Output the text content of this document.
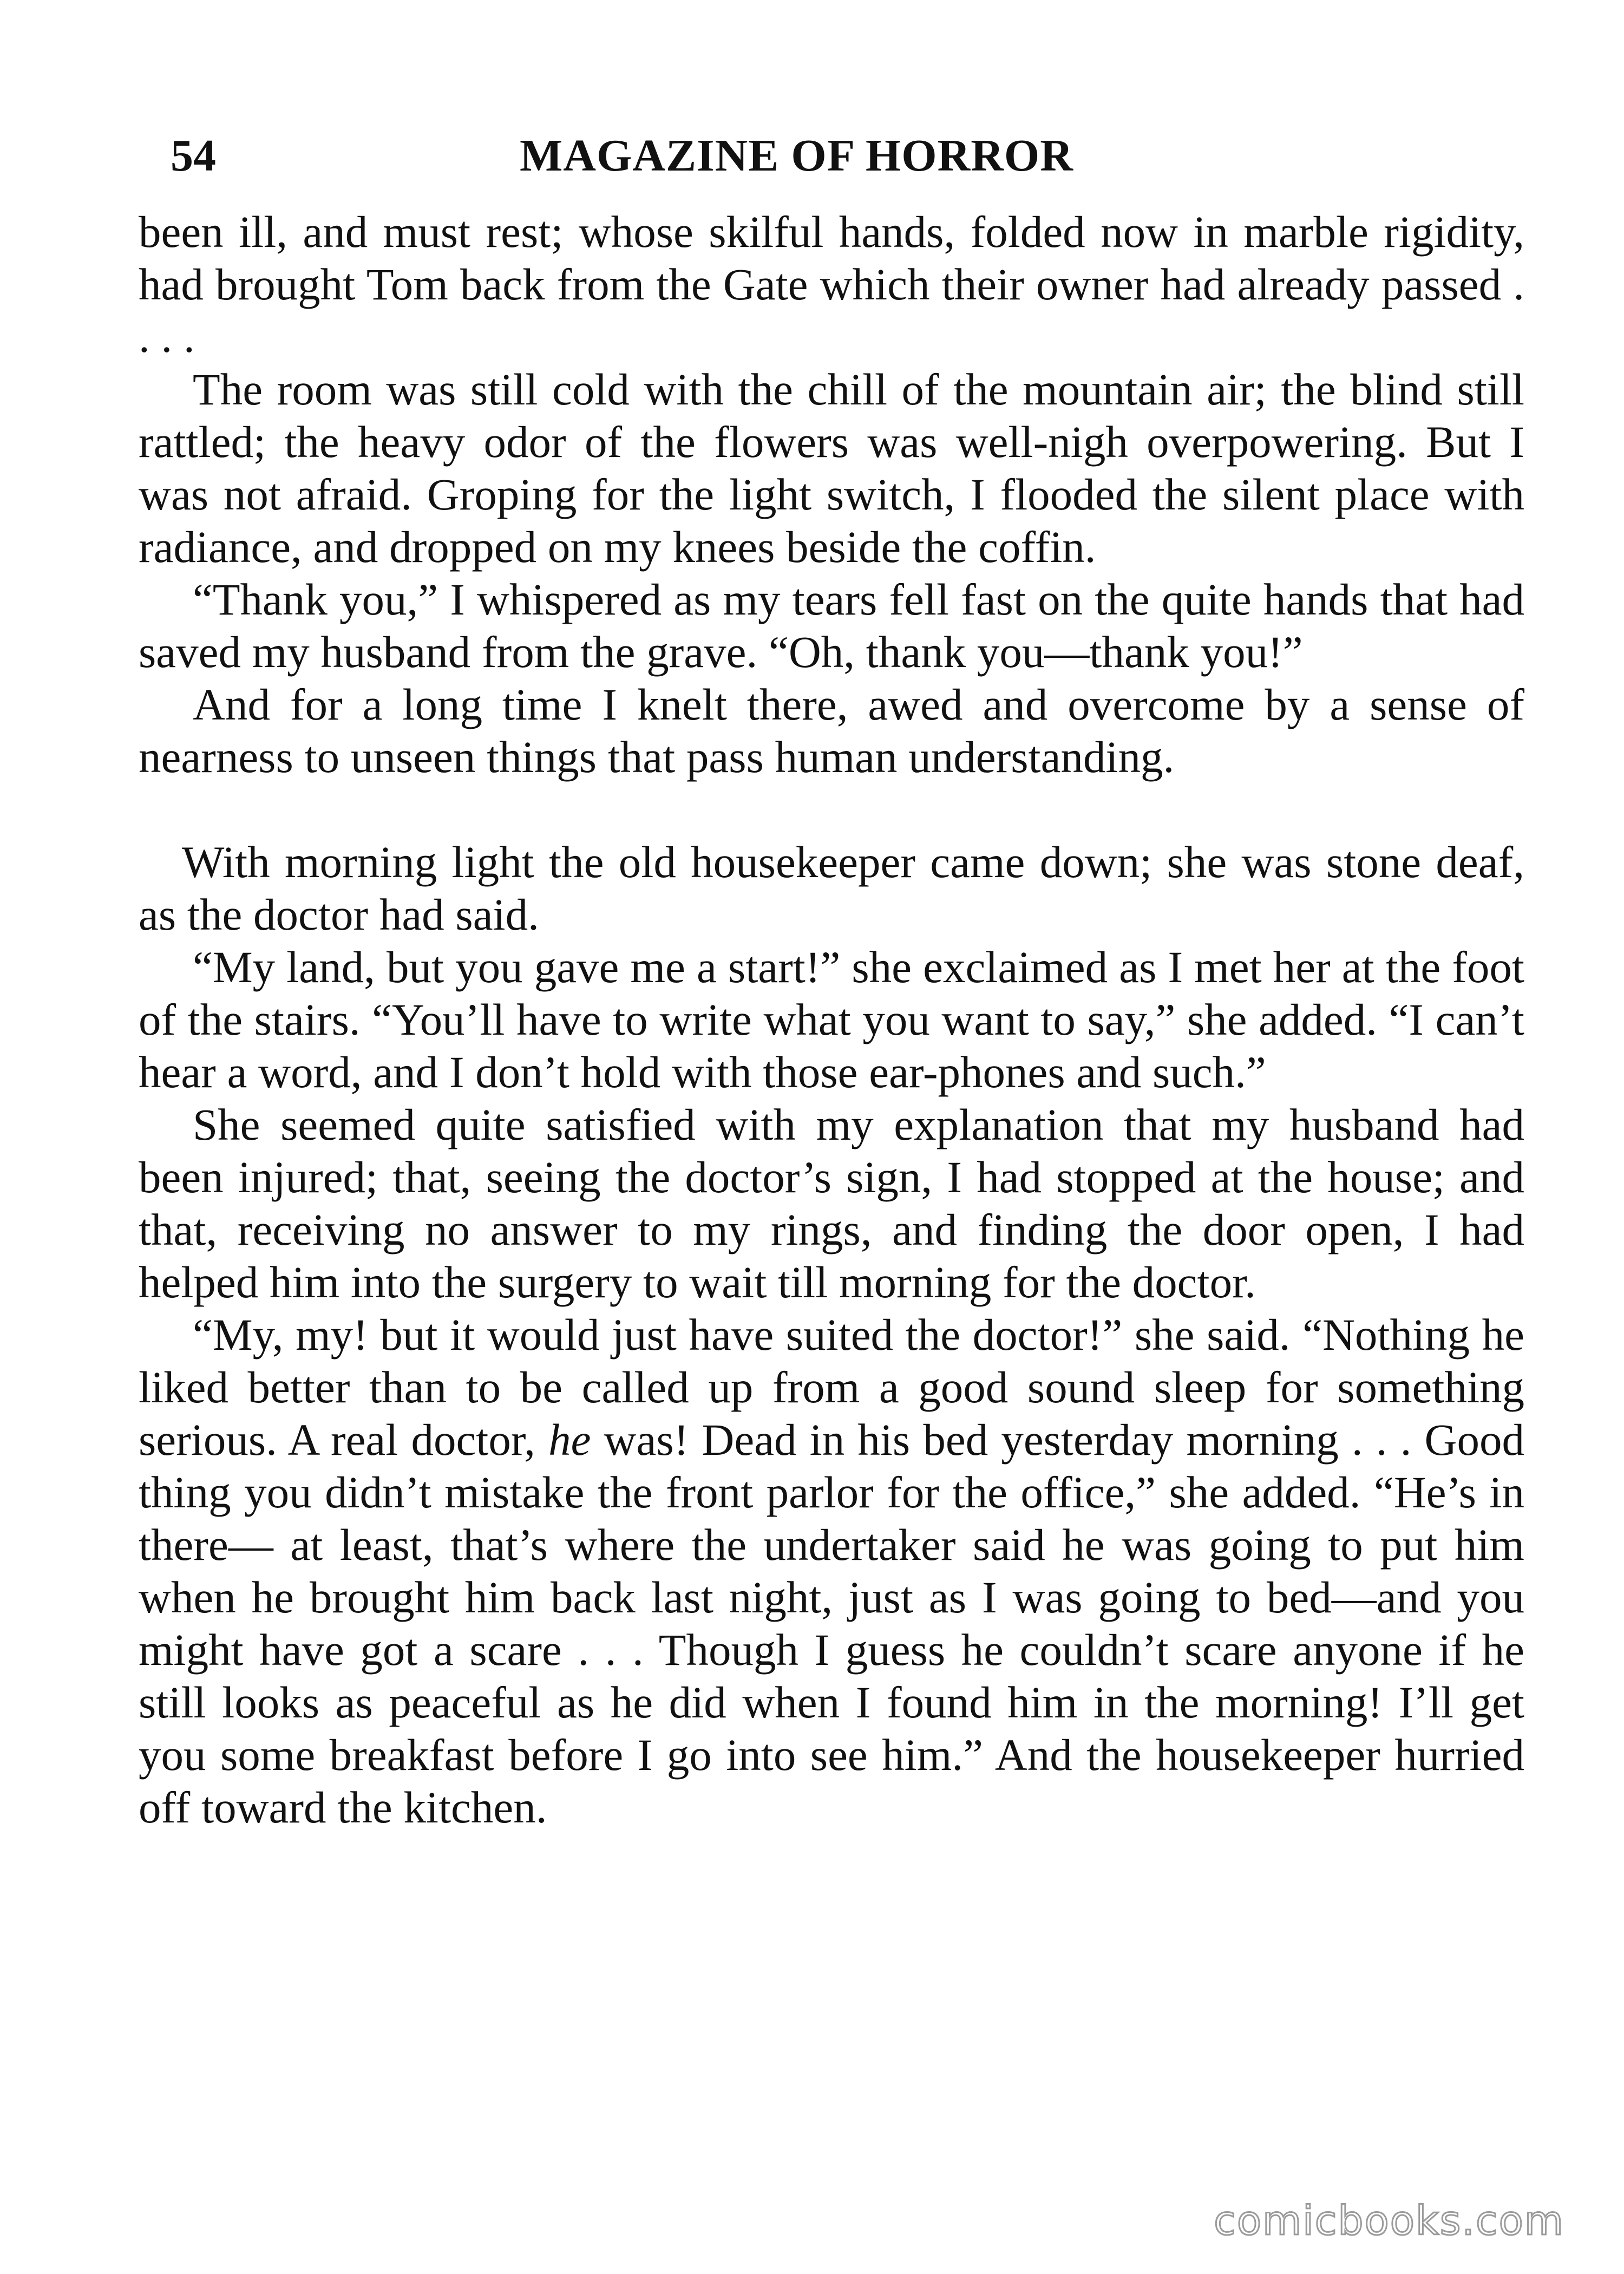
54	MAGAZINE OF HORROR

been ill, and must rest; whose skilful hands, folded now in marble rigidity, had brought Tom back from the Gate which their owner had already passed . . . .

The room was still cold with the chill of the mountain air; the blind still rattled; the heavy odor of the flowers was well-nigh overpowering. But I was not afraid. Groping for the light switch, I flooded the silent place with radiance, and dropped on my knees beside the coffin.

“Thank you,” I whispered as my tears fell fast on the quite hands that had saved my husband from the grave. “Oh, thank you—thank you!”

And for a long time I knelt there, awed and overcome by a sense of nearness to unseen things that pass human understanding.

With morning light the old housekeeper came down; she was stone deaf, as the doctor had said.

“My land, but you gave me a start!” she exclaimed as I met her at the foot of the stairs. “You’ll have to write what you want to say,” she added. “I can’t hear a word, and I don’t hold with those ear-phones and such.”

She seemed quite satisfied with my explanation that my husband had been injured; that, seeing the doctor’s sign, I had stopped at the house; and that, receiving no answer to my rings, and finding the door open, I had helped him into the surgery to wait till morning for the doctor.

“My, my! but it would just have suited the doctor!” she said. “Nothing he liked better than to be called up from a good sound sleep for something serious. A real doctor, he was! Dead in his bed yesterday morning . . . Good thing you didn’t mistake the front parlor for the office,” she added. “He’s in there— at least, that’s where the undertaker said he was going to put him when he brought him back last night, just as I was going to bed—and you might have got a scare . . . Though I guess he couldn’t scare anyone if he still looks as peaceful as he did when I found him in the morning! I’ll get you some breakfast before I go into see him.” And the housekeeper hurried off toward the kitchen.

comicbooks.com
